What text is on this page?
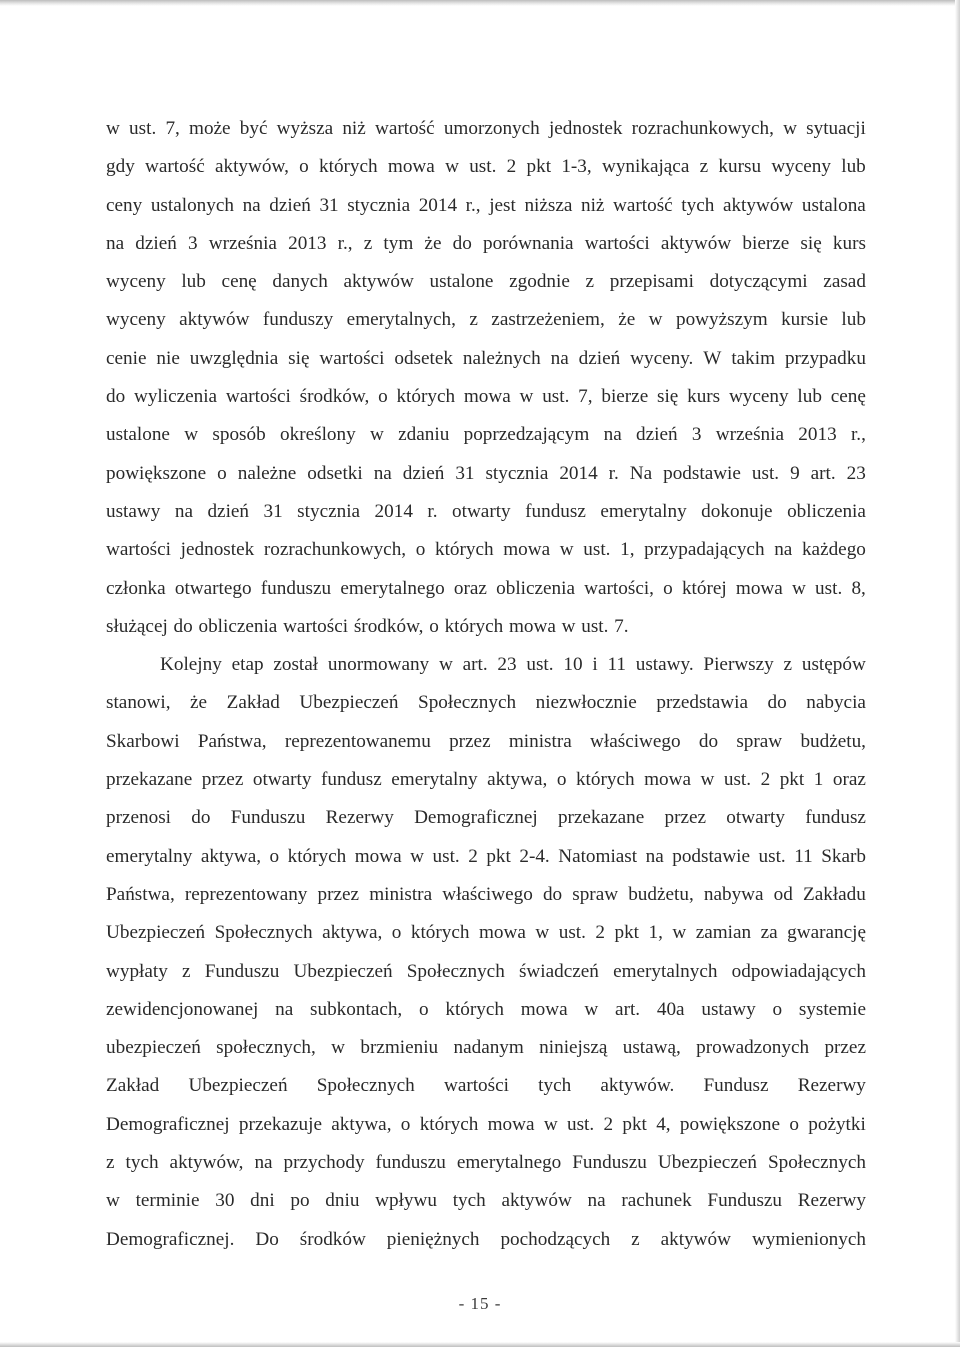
w ust. 7, może być wyższa niż wartość umorzonych jednostek rozrachunkowych, w sytuacji
gdy wartość aktywów, o których mowa w ust. 2 pkt 1-3, wynikająca z kursu wyceny lub
ceny ustalonych na dzień 31 stycznia 2014 r., jest niższa niż wartość tych aktywów ustalona
na dzień 3 września 2013 r., z tym że do porównania wartości aktywów bierze się kurs
wyceny lub cenę danych aktywów ustalone zgodnie z przepisami dotyczącymi zasad
wyceny aktywów funduszy emerytalnych, z zastrzeżeniem, że w powyższym kursie lub
cenie nie uwzględnia się wartości odsetek należnych na dzień wyceny. W takim przypadku
do wyliczenia wartości środków, o których mowa w ust. 7, bierze się kurs wyceny lub cenę
ustalone w sposób określony w zdaniu poprzedzającym na dzień 3 września 2013 r.,
powiększone o należne odsetki na dzień 31 stycznia 2014 r. Na podstawie ust. 9 art. 23
ustawy na dzień 31 stycznia 2014 r. otwarty fundusz emerytalny dokonuje obliczenia
wartości jednostek rozrachunkowych, o których mowa w ust. 1, przypadających na każdego
członka otwartego funduszu emerytalnego oraz obliczenia wartości, o której mowa w ust. 8,
służącej do obliczenia wartości środków, o których mowa w ust. 7.
Kolejny etap został unormowany w art. 23 ust. 10 i 11 ustawy. Pierwszy z ustępów
stanowi, że Zakład Ubezpieczeń Społecznych niezwłocznie przedstawia do nabycia
Skarbowi Państwa, reprezentowanemu przez ministra właściwego do spraw budżetu,
przekazane przez otwarty fundusz emerytalny aktywa, o których mowa w ust. 2 pkt 1 oraz
przenosi do Funduszu Rezerwy Demograficznej przekazane przez otwarty fundusz
emerytalny aktywa, o których mowa w ust. 2 pkt 2-4. Natomiast na podstawie ust. 11 Skarb
Państwa, reprezentowany przez ministra właściwego do spraw budżetu, nabywa od Zakładu
Ubezpieczeń Społecznych aktywa, o których mowa w ust. 2 pkt 1, w zamian za gwarancję
wypłaty z Funduszu Ubezpieczeń Społecznych świadczeń emerytalnych odpowiadających
zewidencjonowanej na subkontach, o których mowa w art. 40a ustawy o systemie
ubezpieczeń społecznych, w brzmieniu nadanym niniejszą ustawą, prowadzonych przez
Zakład Ubezpieczeń Społecznych wartości tych aktywów. Fundusz Rezerwy
Demograficznej przekazuje aktywa, o których mowa w ust. 2 pkt 4, powiększone o pożytki
z tych aktywów, na przychody funduszu emerytalnego Funduszu Ubezpieczeń Społecznych
w terminie 30 dni po dniu wpływu tych aktywów na rachunek Funduszu Rezerwy
Demograficznej. Do środków pieniężnych pochodzących z aktywów wymienionych
- 15 -
